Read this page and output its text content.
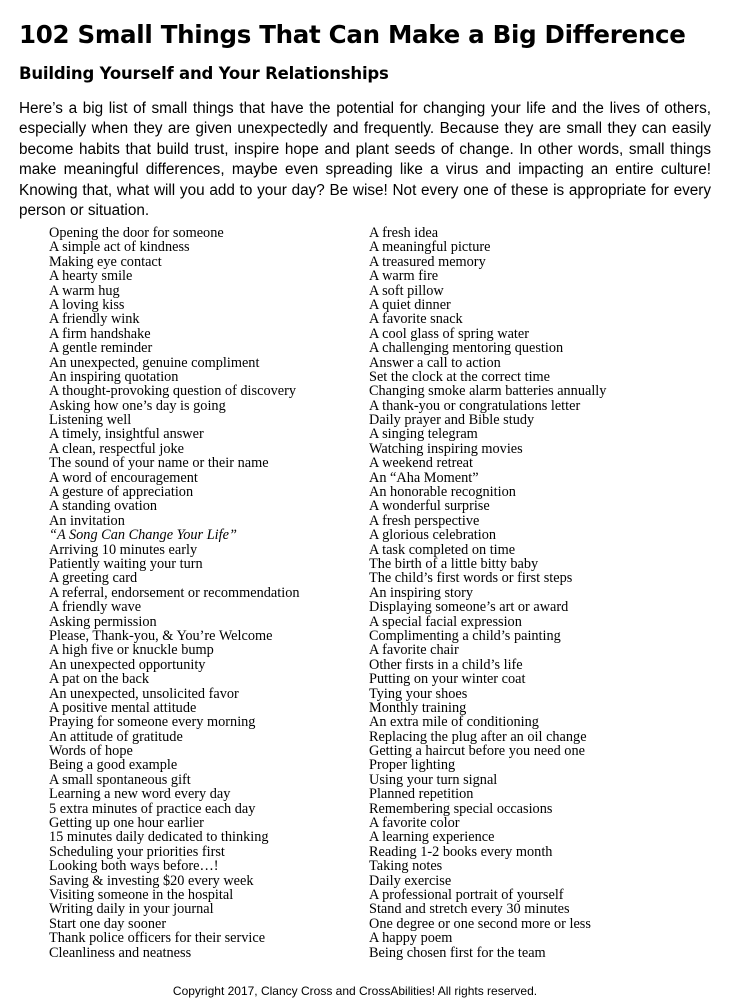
102 Small Things That Can Make a Big Difference
Building Yourself and Your Relationships

Here’s a big list of small things that have the potential for changing your life and the lives of others, especially when they are given unexpectedly and frequently. Because they are small they can easily become habits that build trust, inspire hope and plant seeds of change. In other words, small things make meaningful differences, maybe even spreading like a virus and impacting an entire culture! Knowing that, what will you add to your day? Be wise! Not every one of these is appropriate for every person or situation.

Opening the door for someone
A simple act of kindness
Making eye contact
A hearty smile
A warm hug
A loving kiss
A friendly wink
A firm handshake
A gentle reminder
An unexpected, genuine compliment
An inspiring quotation
A thought-provoking question of discovery
Asking how one’s day is going
Listening well
A timely, insightful answer
A clean, respectful joke
The sound of your name or their name
A word of encouragement
A gesture of appreciation
A standing ovation
An invitation
“A Song Can Change Your Life”
Arriving 10 minutes early
Patiently waiting your turn
A greeting card
A referral, endorsement or recommendation
A friendly wave
Asking permission
Please, Thank-you, & You’re Welcome
A high five or knuckle bump
An unexpected opportunity
A pat on the back
An unexpected, unsolicited favor
A positive mental attitude
Praying for someone every morning
An attitude of gratitude
Words of hope
Being a good example
A small spontaneous gift
Learning a new word every day
5 extra minutes of practice each day
Getting up one hour earlier
15 minutes daily dedicated to thinking
Scheduling your priorities first
Looking both ways before…!
Saving & investing $20 every week
Visiting someone in the hospital
Writing daily in your journal
Start one day sooner
Thank police officers for their service
Cleanliness and neatness
A fresh idea
A meaningful picture
A treasured memory
A warm fire
A soft pillow
A quiet dinner
A favorite snack
A cool glass of spring water
A challenging mentoring question
Answer a call to action
Set the clock at the correct time
Changing smoke alarm batteries annually
A thank-you or congratulations letter
Daily prayer and Bible study
A singing telegram
Watching inspiring movies
A weekend retreat
An “Aha Moment”
An honorable recognition
A wonderful surprise
A fresh perspective
A glorious celebration
A task completed on time
The birth of a little bitty baby
The child’s first words or first steps
An inspiring story
Displaying someone’s art or award
A special facial expression
Complimenting a child’s painting
A favorite chair
Other firsts in a child’s life
Putting on your winter coat
Tying your shoes
Monthly training
An extra mile of conditioning
Replacing the plug after an oil change
Getting a haircut before you need one
Proper lighting
Using your turn signal
Planned repetition
Remembering special occasions
A favorite color
A learning experience
Reading 1-2 books every month
Taking notes
Daily exercise
A professional portrait of yourself
Stand and stretch every 30 minutes
One degree or one second more or less
A happy poem
Being chosen first for the team
Copyright 2017, Clancy Cross and CrossAbilities! All rights reserved.
